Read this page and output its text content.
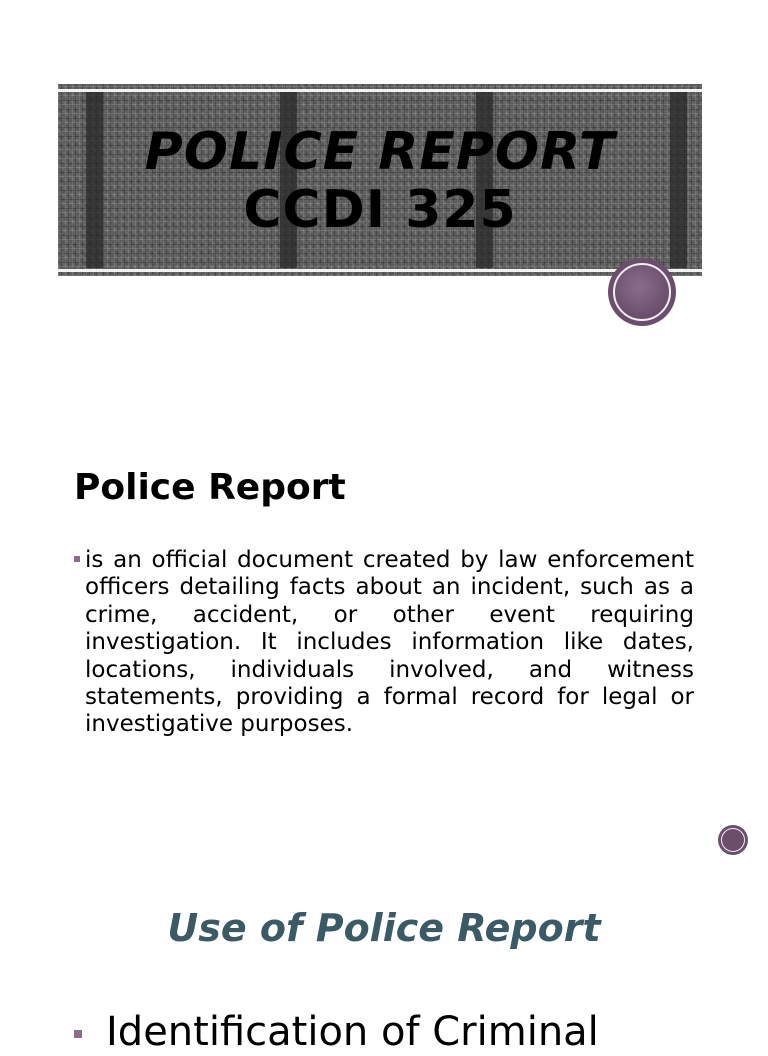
POLICE REPORT
CCDI 325
Police Report
is an official document created by law enforcement officers detailing facts about an incident, such as a crime, accident, or other event requiring investigation. It includes information like dates, locations, individuals involved, and witness statements, providing a formal record for legal or investigative purposes.
Use of Police Report
Identification of Criminal
